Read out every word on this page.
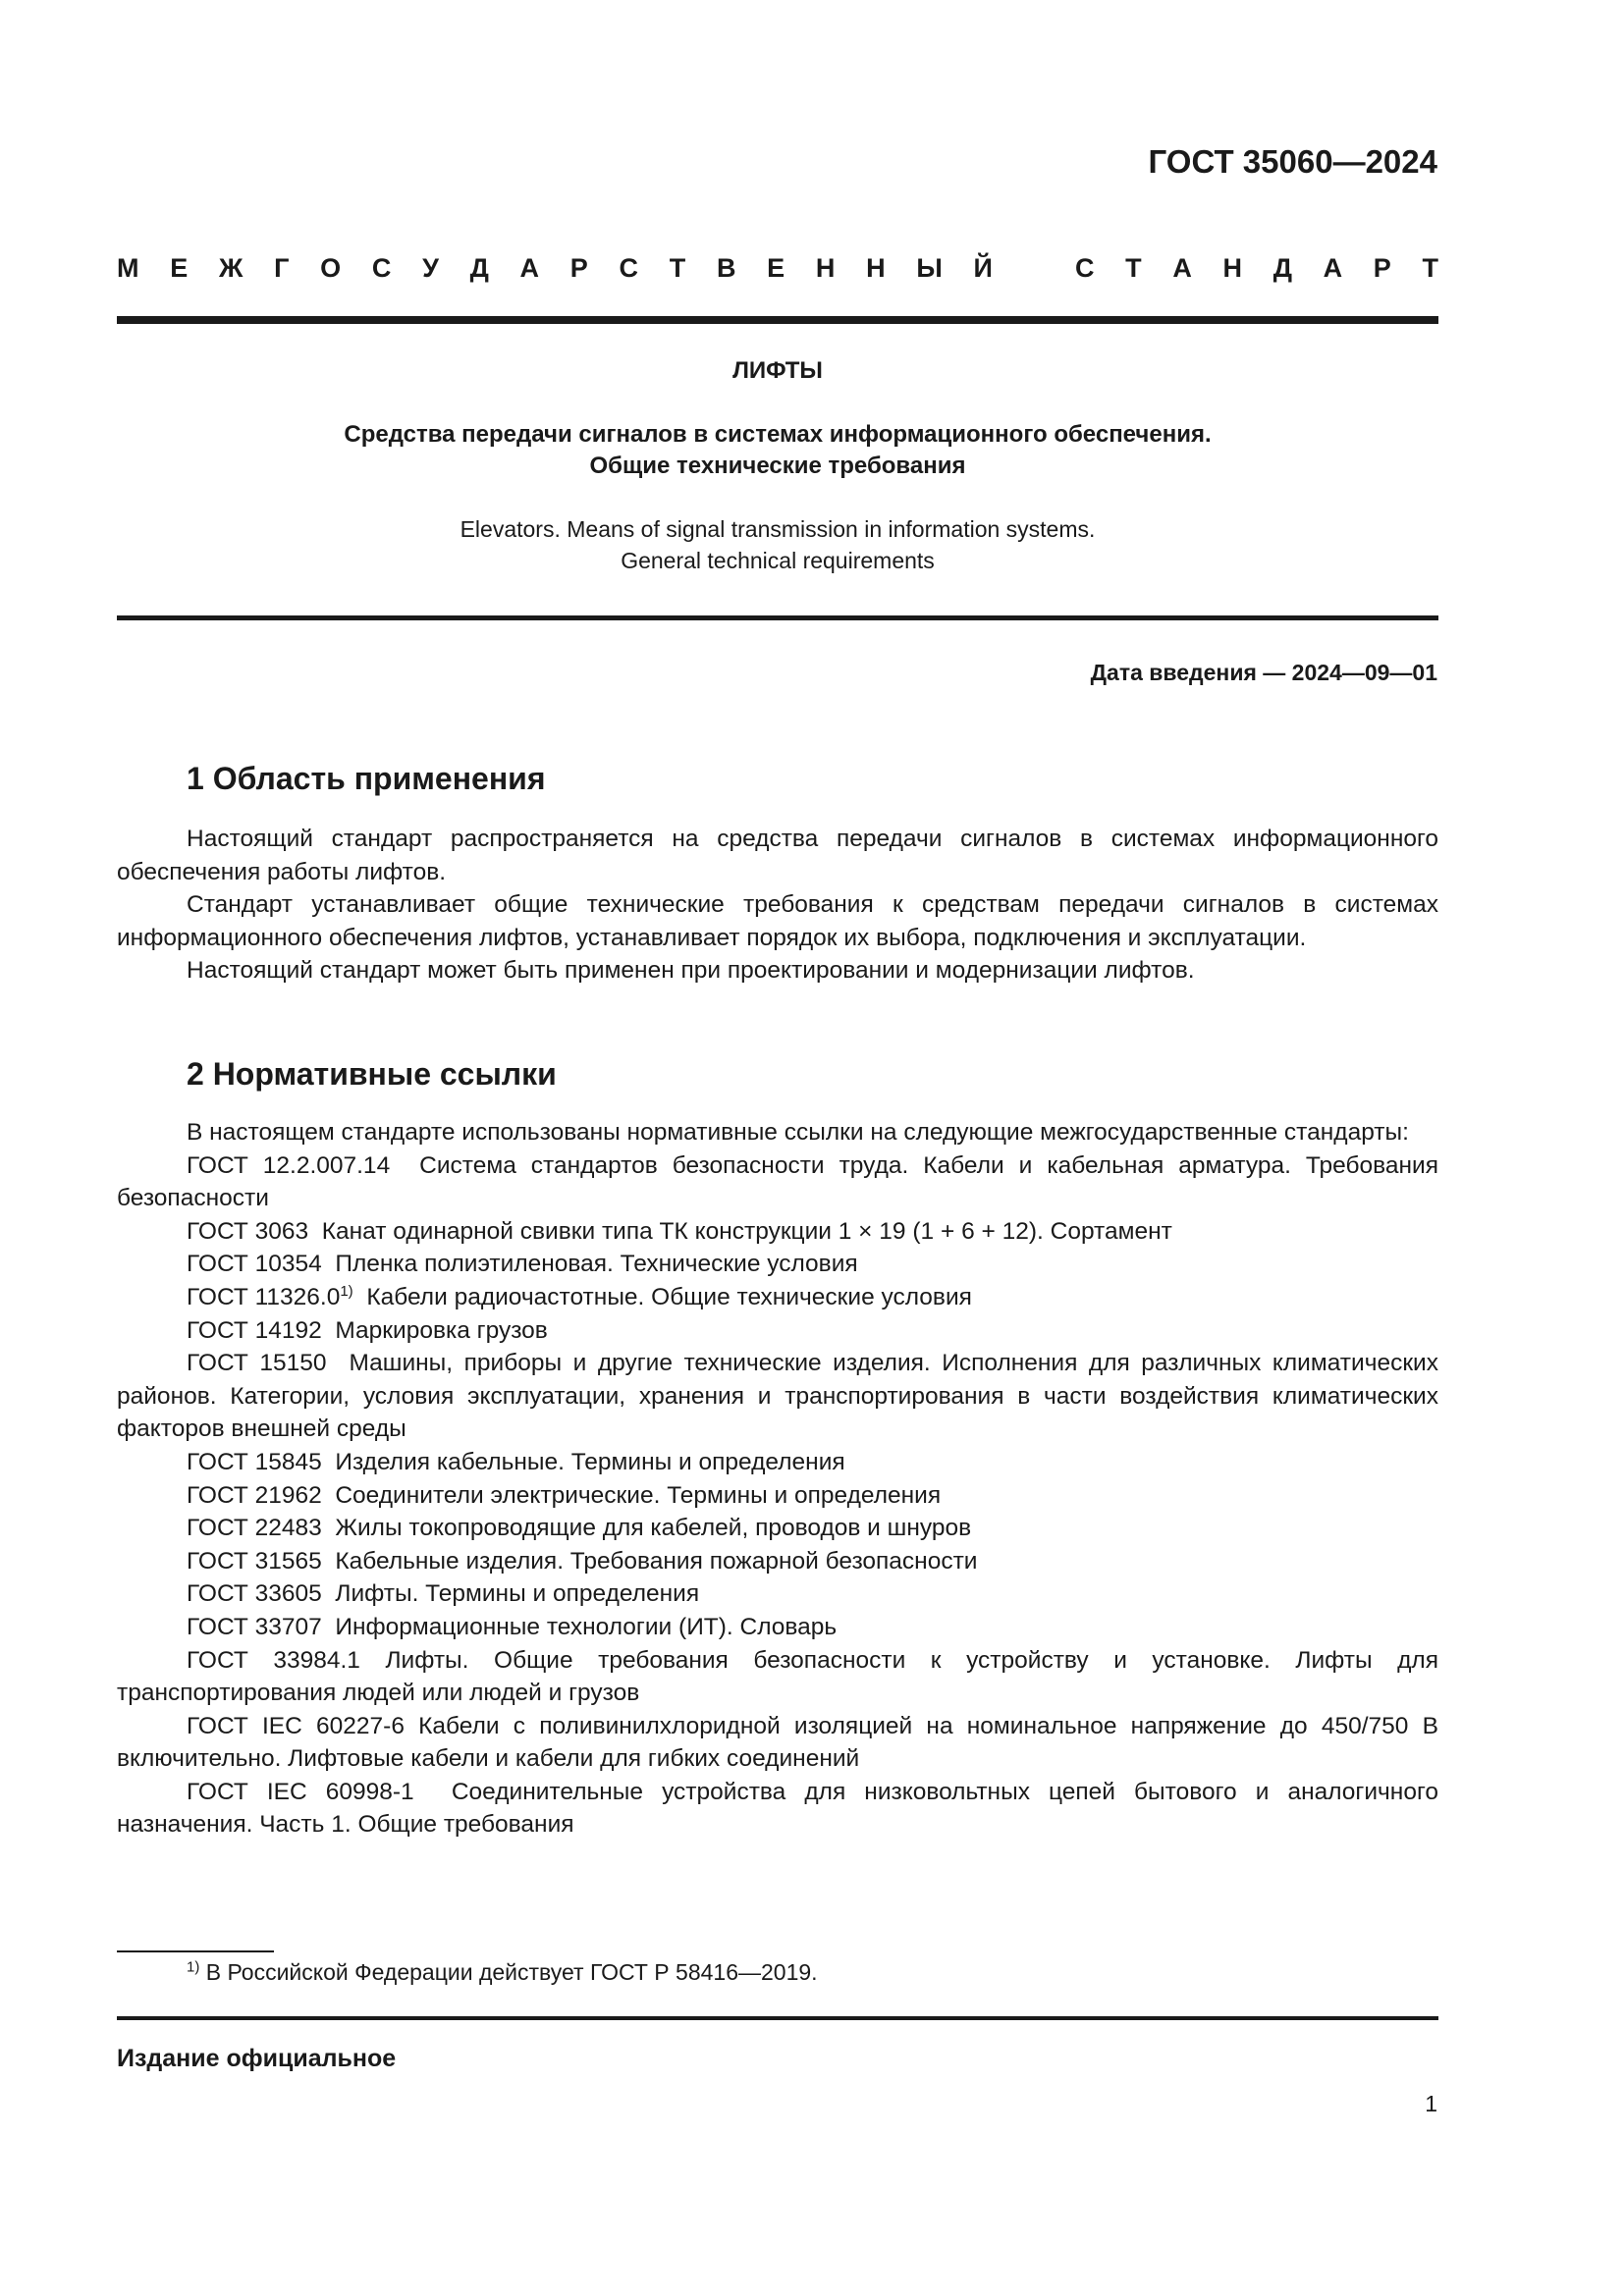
ГОСТ 35060—2024
М Е Ж Г О С У Д А Р С Т В Е Н Н Ы Й	С Т А Н Д А Р Т
ЛИФТЫ
Средства передачи сигналов в системах информационного обеспечения.
Общие технические требования
Elevators. Means of signal transmission in information systems.
General technical requirements
Дата введения — 2024—09—01
1 Область применения
Настоящий стандарт распространяется на средства передачи сигналов в системах информационного обеспечения работы лифтов.
Стандарт устанавливает общие технические требования к средствам передачи сигналов в системах информационного обеспечения лифтов, устанавливает порядок их выбора, подключения и эксплуатации.
Настоящий стандарт может быть применен при проектировании и модернизации лифтов.
2 Нормативные ссылки
В настоящем стандарте использованы нормативные ссылки на следующие межгосударственные стандарты:
ГОСТ 12.2.007.14 Система стандартов безопасности труда. Кабели и кабельная арматура. Требования безопасности
ГОСТ 3063 Канат одинарной свивки типа ТК конструкции 1 × 19 (1 + 6 + 12). Сортамент
ГОСТ 10354 Пленка полиэтиленовая. Технические условия
ГОСТ 11326.0$^{1)}$ Кабели радиочастотные. Общие технические условия
ГОСТ 14192 Маркировка грузов
ГОСТ 15150 Машины, приборы и другие технические изделия. Исполнения для различных климатических районов. Категории, условия эксплуатации, хранения и транспортирования в части воздействия климатических факторов внешней среды
ГОСТ 15845 Изделия кабельные. Термины и определения
ГОСТ 21962 Соединители электрические. Термины и определения
ГОСТ 22483 Жилы токопроводящие для кабелей, проводов и шнуров
ГОСТ 31565 Кабельные изделия. Требования пожарной безопасности
ГОСТ 33605 Лифты. Термины и определения
ГОСТ 33707 Информационные технологии (ИТ). Словарь
ГОСТ 33984.1 Лифты. Общие требования безопасности к устройству и установке. Лифты для транспортирования людей или людей и грузов
ГОСТ IEC 60227-6 Кабели с поливинилхлоридной изоляцией на номинальное напряжение до 450/750 В включительно. Лифтовые кабели и кабели для гибких соединений
ГОСТ IEC 60998-1 Соединительные устройства для низковольтных цепей бытового и аналогичного назначения. Часть 1. Общие требования
$^{1)}$ В Российской Федерации действует ГОСТ Р 58416—2019.
Издание официальное
1
